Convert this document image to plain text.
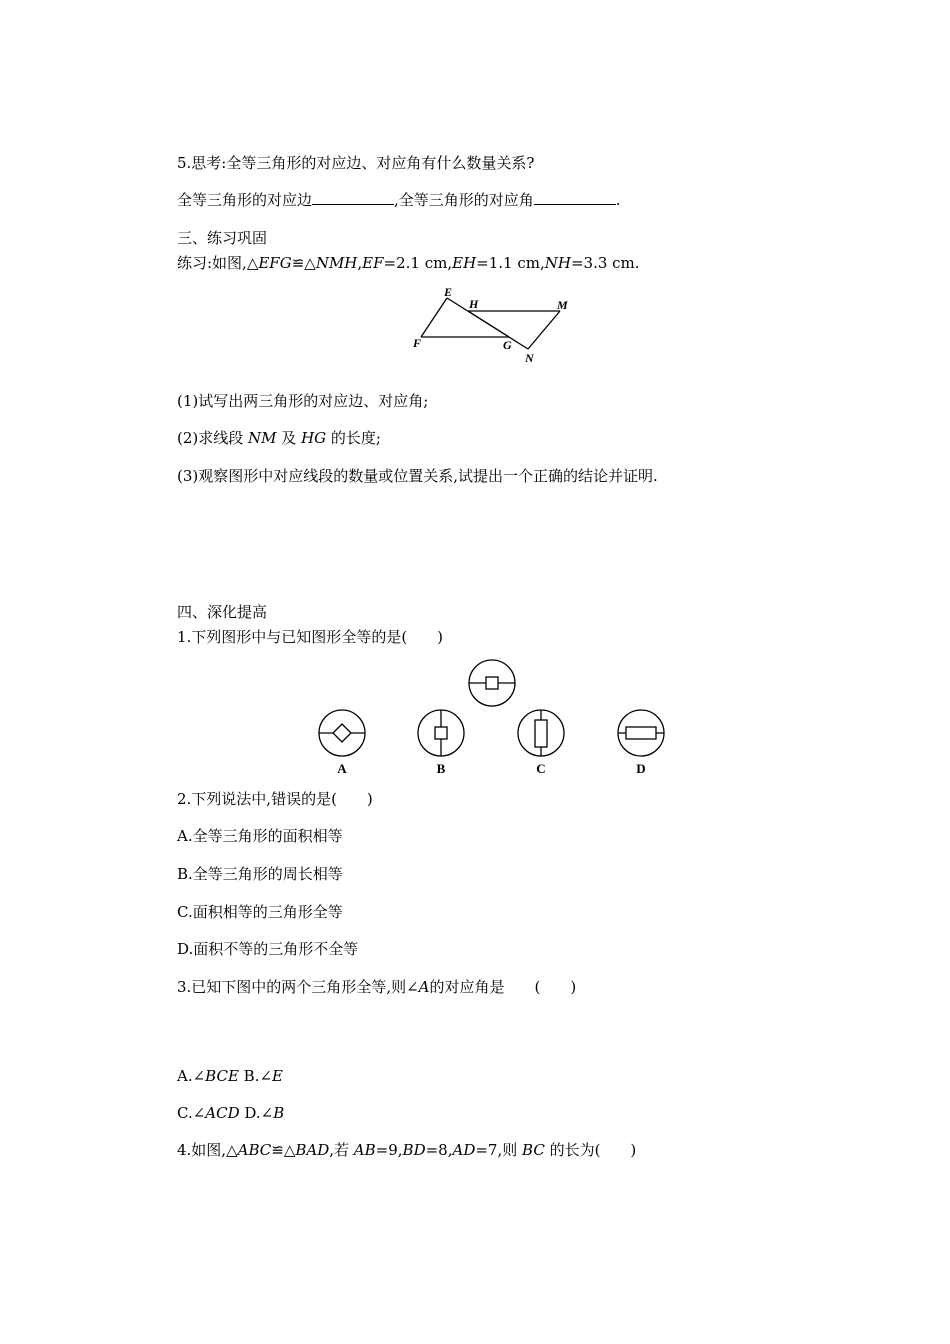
5.思考:全等三角形的对应边、对应角有什么数量关系?
全等三角形的对应边	,全等三角形的对应角	.
三、练习巩固
练习:如图,△EFG≌△NMH,EF=2.1 cm,EH=1.1 cm,NH=3.3 cm.
E
H	M
F	G
N
(1)试写出两三角形的对应边、对应角;
(2)求线段 NM 及 HG 的长度;
(3)观察图形中对应线段的数量或位置关系,试提出一个正确的结论并证明.
四、深化提高
1.下列图形中与已知图形全等的是(　　)
A	B	C	D
2.下列说法中,错误的是(　　)
A.全等三角形的面积相等
B.全等三角形的周长相等
C.面积相等的三角形全等
D.面积不等的三角形不全等
3.已知下图中的两个三角形全等,则∠A的对应角是　　(　　)
A.∠BCE B.∠E
C.∠ACD D.∠B
4.如图,△ABC≌△BAD,若 AB=9,BD=8,AD=7,则 BC 的长为(　　)
